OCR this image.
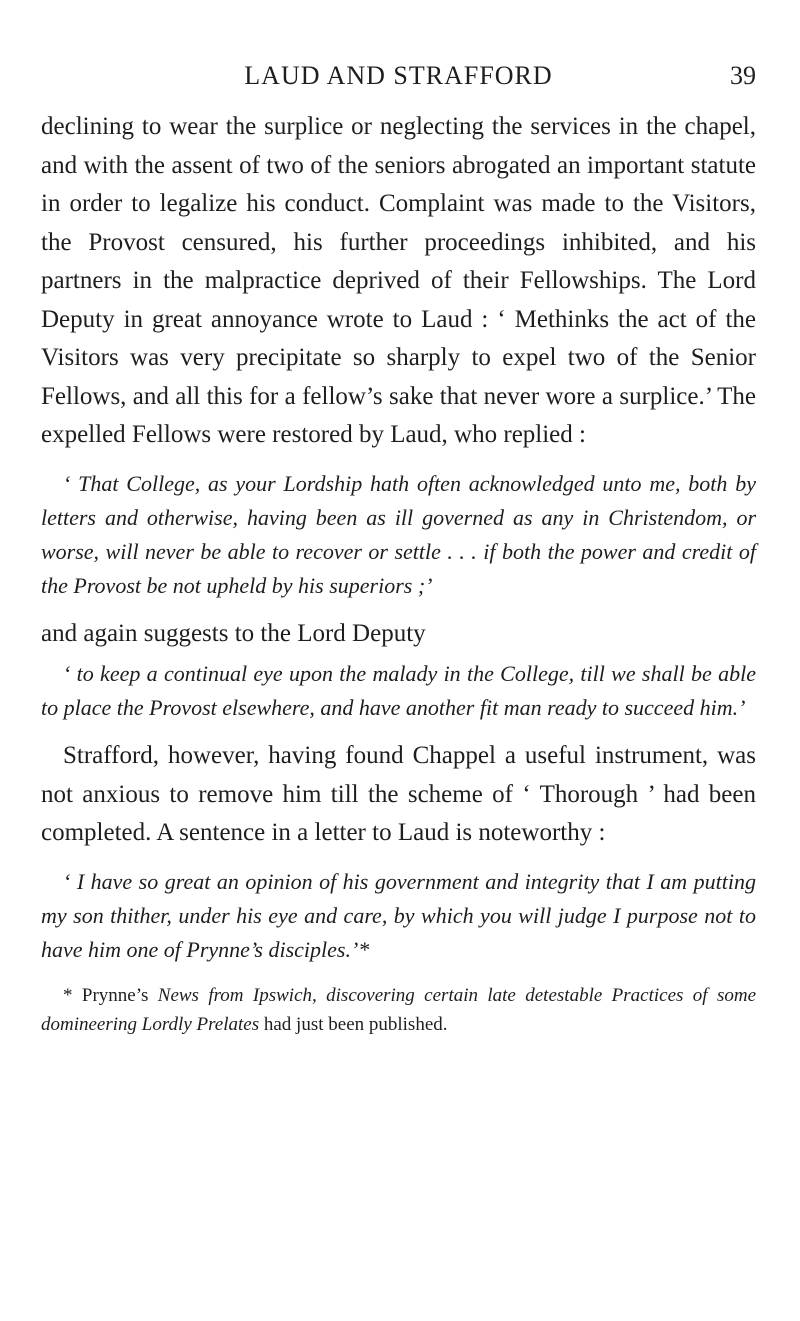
LAUD AND STRAFFORD	39

declining to wear the surplice or neglecting the services in the chapel, and with the assent of two of the seniors abrogated an important statute in order to legalize his conduct. Complaint was made to the Visitors, the Provost censured, his further proceedings inhibited, and his partners in the malpractice deprived of their Fellowships. The Lord Deputy in great annoyance wrote to Laud : ‘ Methinks the act of the Visitors was very precipitate so sharply to expel two of the Senior Fellows, and all this for a fellow’s sake that never wore a surplice.’ The expelled Fellows were restored by Laud, who replied :

‘ That College, as your Lordship hath often acknowledged unto me, both by letters and otherwise, having been as ill governed as any in Christendom, or worse, will never be able to recover or settle . . . if both the power and credit of the Provost be not upheld by his superiors ;’

and again suggests to the Lord Deputy

‘ to keep a continual eye upon the malady in the College, till we shall be able to place the Provost elsewhere, and have another fit man ready to succeed him.’

Strafford, however, having found Chappel a useful instrument, was not anxious to remove him till the scheme of ‘ Thorough ’ had been completed. A sentence in a letter to Laud is noteworthy :

‘ I have so great an opinion of his government and integrity that I am putting my son thither, under his eye and care, by which you will judge I purpose not to have him one of Prynne’s disciples.’*

* Prynne’s News from Ipswich, discovering certain late detestable Practices of some domineering Lordly Prelates had just been published.
